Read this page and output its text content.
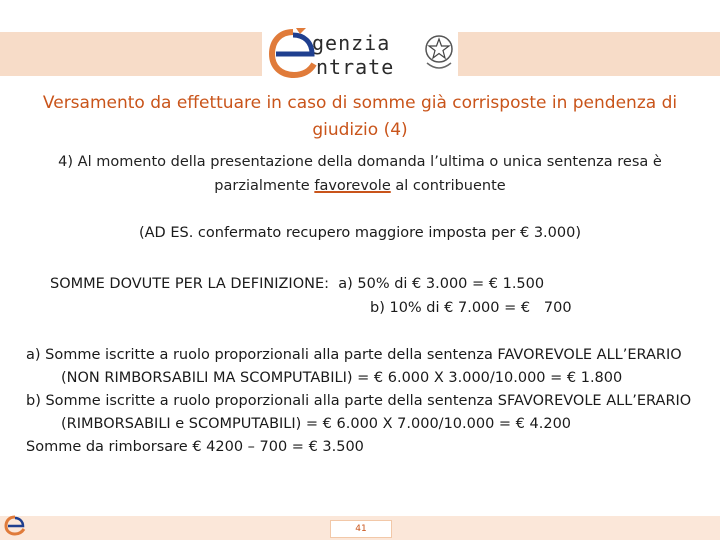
genzia
ntrate
Versamento da effettuare in caso di somme già corrisposte in pendenza di giudizio (4)
4) Al momento della presentazione della domanda l’ultima o unica sentenza resa è parzialmente favorevole al contribuente
(AD ES. confermato recupero maggiore imposta per € 3.000)
SOMME DOVUTE PER LA DEFINIZIONE:  a) 50% di € 3.000 = € 1.500
b) 10% di € 7.000 = €   700

a) Somme iscritte a ruolo proporzionali alla parte della sentenza FAVOREVOLE ALL’ERARIO (NON RIMBORSABILI MA SCOMPUTABILI) = € 6.000 X 3.000/10.000 = € 1.800

b) Somme iscritte a ruolo proporzionali alla parte della sentenza SFAVOREVOLE ALL’ERARIO (RIMBORSABILI e SCOMPUTABILI) = € 6.000 X 7.000/10.000 = € 4.200

Somme da rimborsare € 4200 – 700 = € 3.500

41
